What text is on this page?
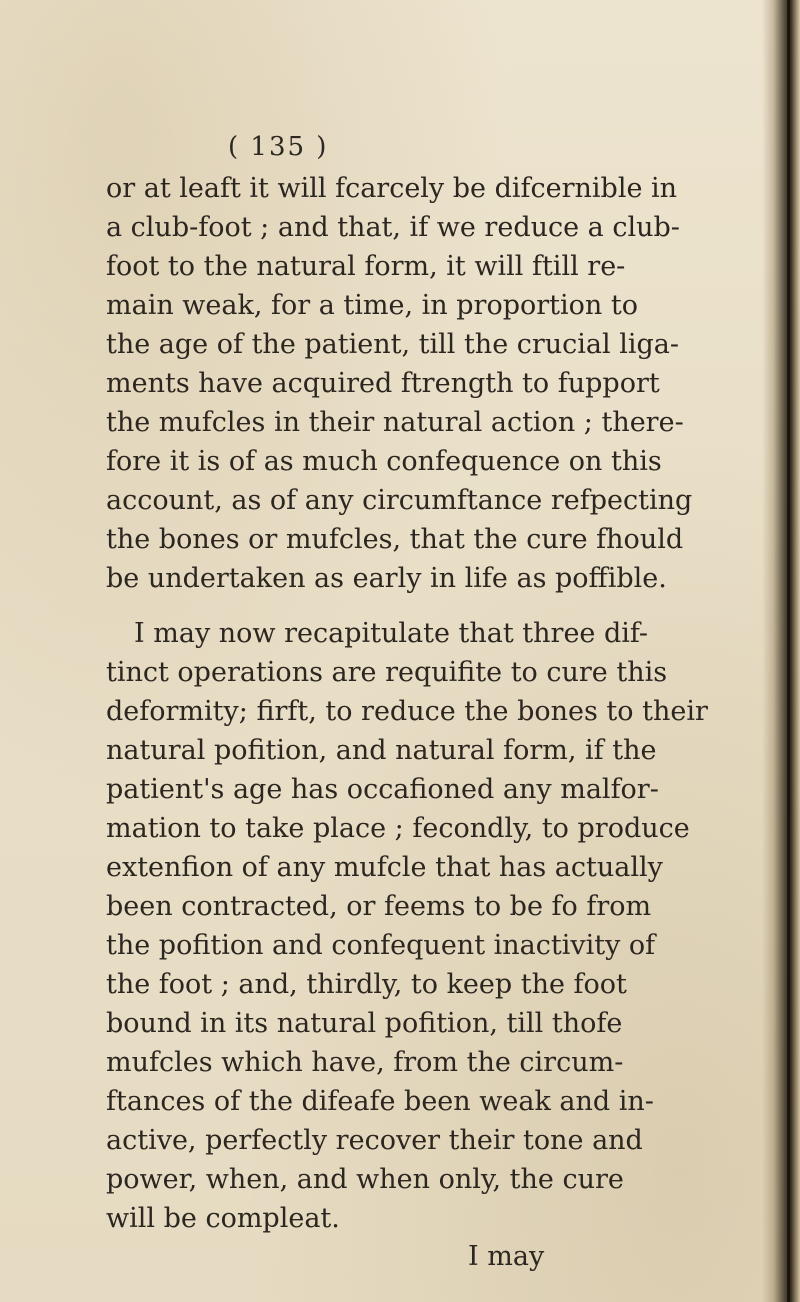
( 135 )
or at leaft it will fcarcely be difcernible in
a club-foot ; and that, if we reduce a club-
foot to the natural form, it will ftill re-
main weak, for a time, in proportion to
the age of the patient, till the crucial liga-
ments have acquired ftrength to fupport
the mufcles in their natural action ; there-
fore it is of as much confequence on this
account, as of any circumftance refpecting
the bones or mufcles, that the cure fhould
be undertaken as early in life as poffible.
I may now recapitulate that three dif-
tinct operations are requifite to cure this
deformity; firft, to reduce the bones to their
natural pofition, and natural form, if the
patient's age has occafioned any malfor-
mation to take place ; fecondly, to produce
extenfion of any mufcle that has actually
been contracted, or feems to be fo from
the pofition and confequent inactivity of
the foot ; and, thirdly, to keep the foot
bound in its natural pofition, till thofe
mufcles which have, from the circum-
ftances of the difeafe been weak and in-
active, perfectly recover their tone and
power, when, and when only, the cure
will be compleat.
I may
